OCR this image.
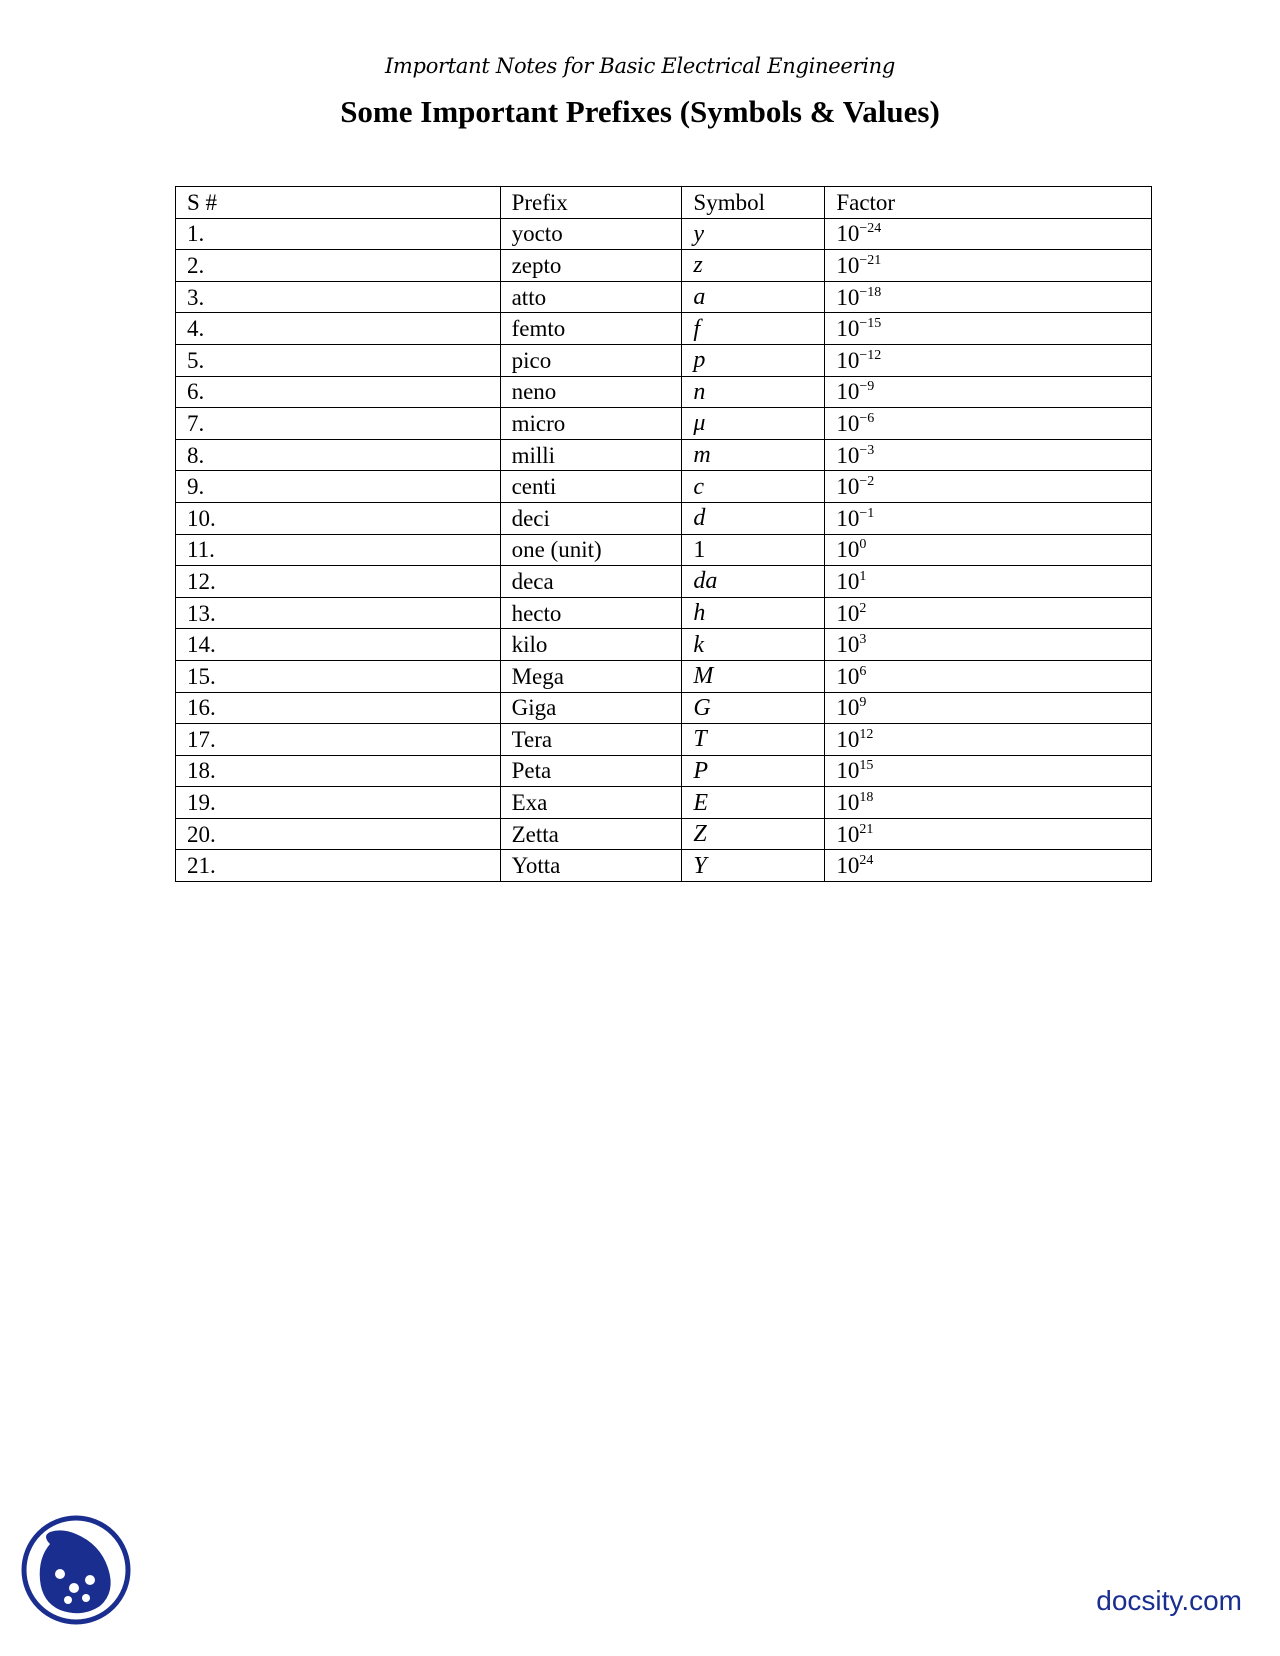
Important Notes for Basic Electrical Engineering
Some Important Prefixes (Symbols & Values)
S #	Prefix	Symbol	Factor
1.	yocto	y	$10^{-24}$
2.	zepto	z	$10^{-21}$
3.	atto	a	$10^{-18}$
4.	femto	f	$10^{-15}$
5.	pico	p	$10^{-12}$
6.	neno	n	$10^{-9}$
7.	micro	μ	$10^{-6}$
8.	milli	m	$10^{-3}$
9.	centi	c	$10^{-2}$
10.	deci	d	$10^{-1}$
11.	one (unit)	1	$10^0$
12.	deca	da	$10^1$
13.	hecto	h	$10^2$
14.	kilo	k	$10^3$
15.	Mega	M	$10^6$
16.	Giga	G	$10^9$
17.	Tera	T	$10^{12}$
18.	Peta	P	$10^{15}$
19.	Exa	E	$10^{18}$
20.	Zetta	Z	$10^{21}$
21.	Yotta	Y	$10^{24}$
docsity.com
